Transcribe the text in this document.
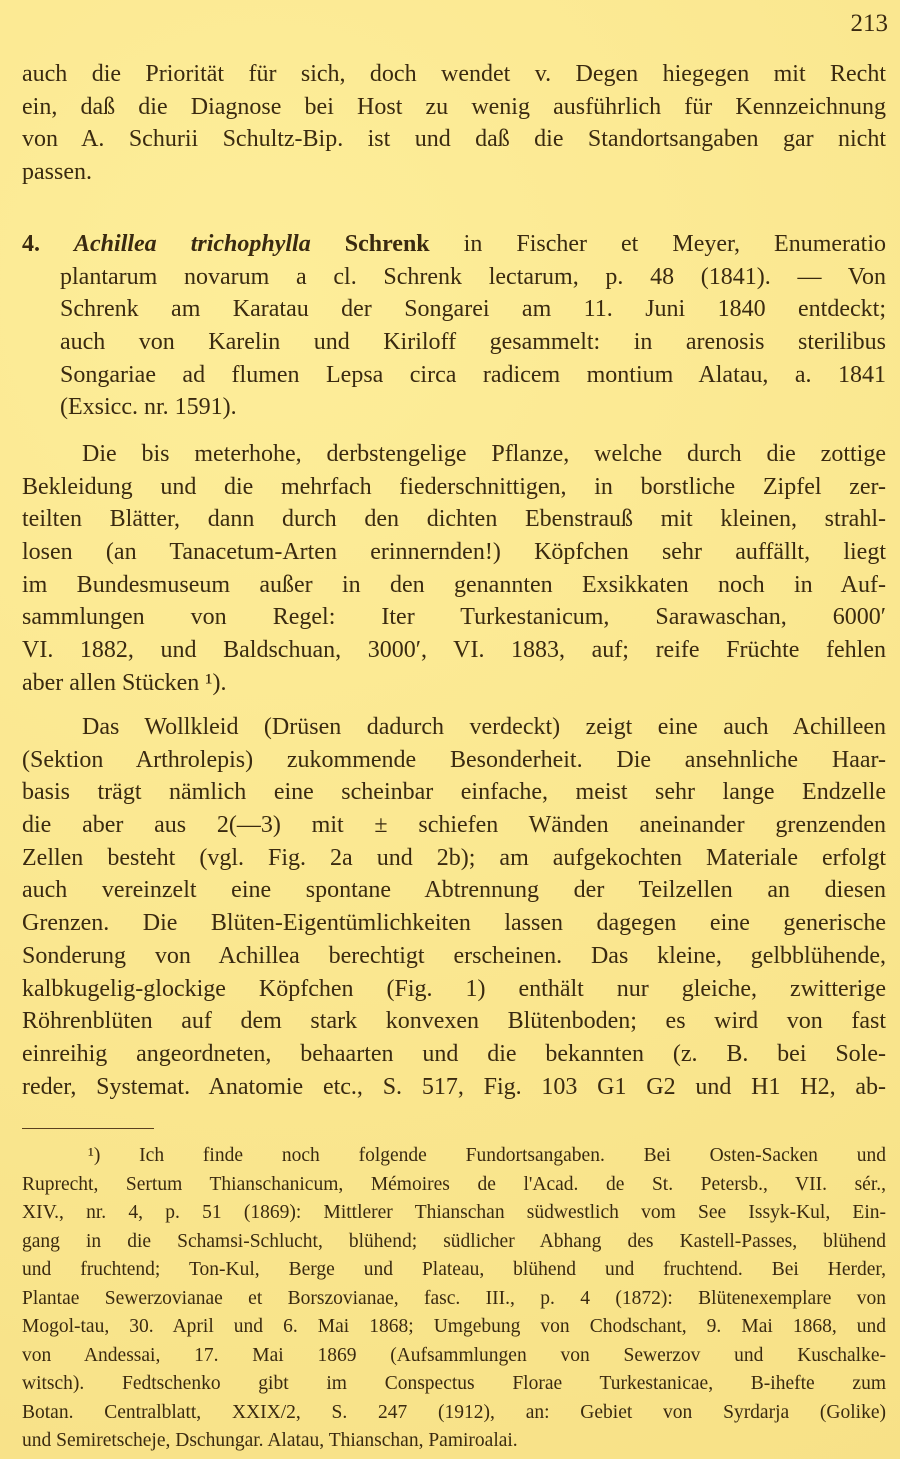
213
auch die Priorität für sich, doch wendet v. Degen hiegegen mit Recht
ein, daß die Diagnose bei Host zu wenig ausführlich für Kennzeichnung
von A. Schurii Schultz-Bip. ist und daß die Standortsangaben gar nicht
passen.
4. Achillea trichophylla Schrenk in Fischer et Meyer, Enumeratio
plantarum novarum a cl. Schrenk lectarum, p. 48 (1841). — Von
Schrenk am Karatau der Songarei am 11. Juni 1840 entdeckt;
auch von Karelin und Kiriloff gesammelt: in arenosis sterilibus
Songariae ad flumen Lepsa circa radicem montium Alatau, a. 1841
(Exsicc. nr. 1591).
Die bis meterhohe, derbstengelige Pflanze, welche durch die zottige
Bekleidung und die mehrfach fiederschnittigen, in borstliche Zipfel zer-
teilten Blätter, dann durch den dichten Ebenstrauß mit kleinen, strahl-
losen (an Tanacetum-Arten erinnernden!) Köpfchen sehr auffällt, liegt
im Bundesmuseum außer in den genannten Exsikkaten noch in Auf-
sammlungen von Regel: Iter Turkestanicum, Sarawaschan, 6000′
VI. 1882, und Baldschuan, 3000′, VI. 1883, auf; reife Früchte fehlen
aber allen Stücken ¹).
Das Wollkleid (Drüsen dadurch verdeckt) zeigt eine auch Achilleen
(Sektion Arthrolepis) zukommende Besonderheit. Die ansehnliche Haar-
basis trägt nämlich eine scheinbar einfache, meist sehr lange Endzelle
die aber aus 2(—3) mit ± schiefen Wänden aneinander grenzenden
Zellen besteht (vgl. Fig. 2a und 2b); am aufgekochten Materiale erfolgt
auch vereinzelt eine spontane Abtrennung der Teilzellen an diesen
Grenzen. Die Blüten-Eigentümlichkeiten lassen dagegen eine generische
Sonderung von Achillea berechtigt erscheinen. Das kleine, gelbblühende,
kalbkugelig-glockige Köpfchen (Fig. 1) enthält nur gleiche, zwitterige
Röhrenblüten auf dem stark konvexen Blütenboden; es wird von fast
einreihig angeordneten, behaarten und die bekannten (z. B. bei Sole-
reder, Systemat. Anatomie etc., S. 517, Fig. 103 G1 G2 und H1 H2, ab-
¹) Ich finde noch folgende Fundortsangaben. Bei Osten-Sacken und
Ruprecht, Sertum Thianschanicum, Mémoires de l'Acad. de St. Petersb., VII. sér.,
XIV., nr. 4, p. 51 (1869): Mittlerer Thianschan südwestlich vom See Issyk-Kul, Ein-
gang in die Schamsi-Schlucht, blühend; südlicher Abhang des Kastell-Passes, blühend
und fruchtend; Ton-Kul, Berge und Plateau, blühend und fruchtend. Bei Herder,
Plantae Sewerzovianae et Borszovianae, fasc. III., p. 4 (1872): Blütenexemplare von
Mogol-tau, 30. April und 6. Mai 1868; Umgebung von Chodschant, 9. Mai 1868, und
von Andessai, 17. Mai 1869 (Aufsammlungen von Sewerzov und Kuschalke-
witsch). Fedtschenko gibt im Conspectus Florae Turkestanicae, B-ihefte zum
Botan. Centralblatt, XXIX/2, S. 247 (1912), an: Gebiet von Syrdarja (Golike)
und Semiretscheje, Dschungar. Alatau, Thianschan, Pamiroalai.
